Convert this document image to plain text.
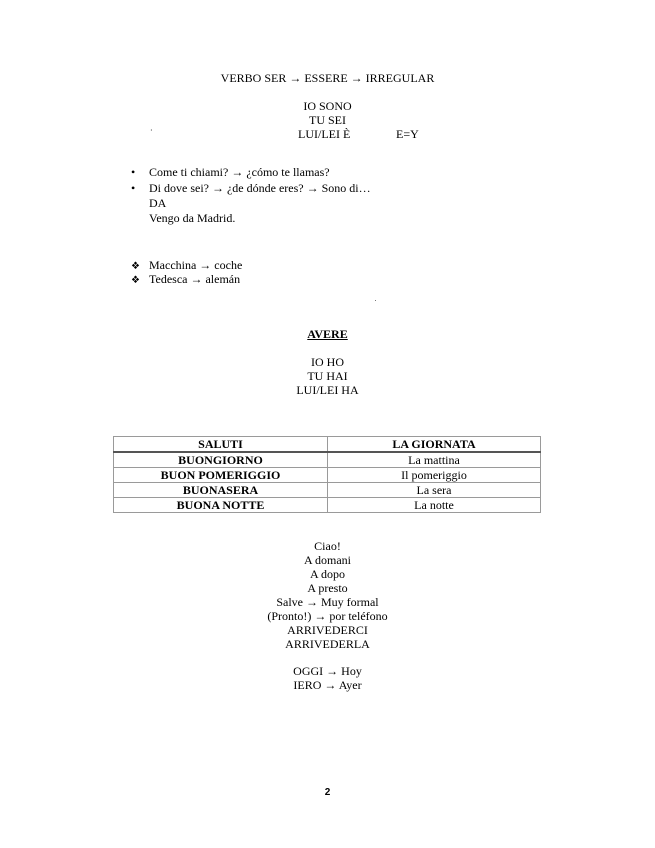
VERBO SER → ESSERE → IRREGULAR
IO SONO
TU SEI
·	LUI/LEI È	E=Y
• Come ti chiami? → ¿cómo te llamas?
• Di dove sei? → ¿de dónde eres? → Sono di…
DA
Vengo da Madrid.
❖ Macchina → coche
❖ Tedesca → alemán
AVERE
IO HO
TU HAI
LUI/LEI HA
SALUTI	LA GIORNATA
BUONGIORNO	La mattina
BUON POMERIGGIO	Il pomeriggio
BUONASERA	La sera
BUONA NOTTE	La notte
Ciao!
A domani
A dopo
A presto
Salve → Muy formal
(Pronto!) → por teléfono
ARRIVEDERCI
ARRIVEDERLA
OGGI → Hoy
IERO → Ayer
2
